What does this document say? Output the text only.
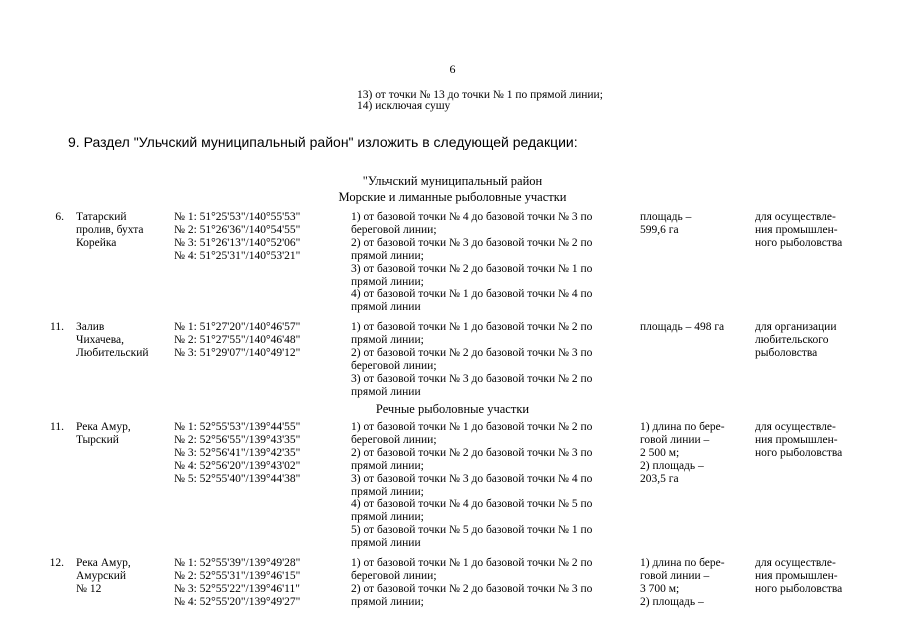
6
13) от точки № 13 до точки № 1 по прямой линии;
14) исключая сушу
9. Раздел "Ульчский муниципальный район" изложить в следующей редакции:
"Ульчский муниципальный район
Морские и лиманные рыболовные участки
Речные рыболовные участки
6. Татарский
пролив, бухта
Корейка
№ 1: 51°25'53"/140°55'53"
№ 2: 51°26'36"/140°54'55"
№ 3: 51°26'13"/140°52'06"
№ 4: 51°25'31"/140°53'21"
1) от базовой точки № 4 до базовой точки № 3 по
береговой линии;
2) от базовой точки № 3 до базовой точки № 2 по
прямой линии;
3) от базовой точки № 2 до базовой точки № 1 по
прямой линии;
4) от базовой точки № 1 до базовой точки № 4 по
прямой линии
площадь –
599,6 га
для осуществле-
ния промышлен-
ного рыболовства
11. Залив
Чихачева,
Любительский
№ 1: 51°27'20"/140°46'57"
№ 2: 51°27'55"/140°46'48"
№ 3: 51°29'07"/140°49'12"
1) от базовой точки № 1 до базовой точки № 2 по
прямой линии;
2) от базовой точки № 2 до базовой точки № 3 по
береговой линии;
3) от базовой точки № 3 до базовой точки № 2 по
прямой линии
площадь – 498 га	для организации
любительского
рыболовства
11. Река Амур,
Тырский
№ 1: 52°55'53"/139°44'55"
№ 2: 52°56'55"/139°43'35"
№ 3: 52°56'41"/139°42'35"
№ 4: 52°56'20"/139°43'02"
№ 5: 52°55'40"/139°44'38"
1) от базовой точки № 1 до базовой точки № 2 по
береговой линии;
2) от базовой точки № 2 до базовой точки № 3 по
прямой линии;
3) от базовой точки № 3 до базовой точки № 4 по
прямой линии;
4) от базовой точки № 4 до базовой точки № 5 по
прямой линии;
5) от базовой точки № 5 до базовой точки № 1 по
прямой линии
1) длина по бере-
говой линии –
2 500 м;
2) площадь –
203,5 га
для осуществле-
ния промышлен-
ного рыболовства
12. Река Амур,
Амурский
№ 12
№ 1: 52°55'39"/139°49'28"
№ 2: 52°55'31"/139°46'15"
№ 3: 52°55'22"/139°46'11"
№ 4: 52°55'20"/139°49'27"
1) от базовой точки № 1 до базовой точки № 2 по
береговой линии;
2) от базовой точки № 2 до базовой точки № 3 по
прямой линии;
1) длина по бере-
говой линии –
3 700 м;
2) площадь –
для осуществле-
ния промышлен-
ного рыболовства
